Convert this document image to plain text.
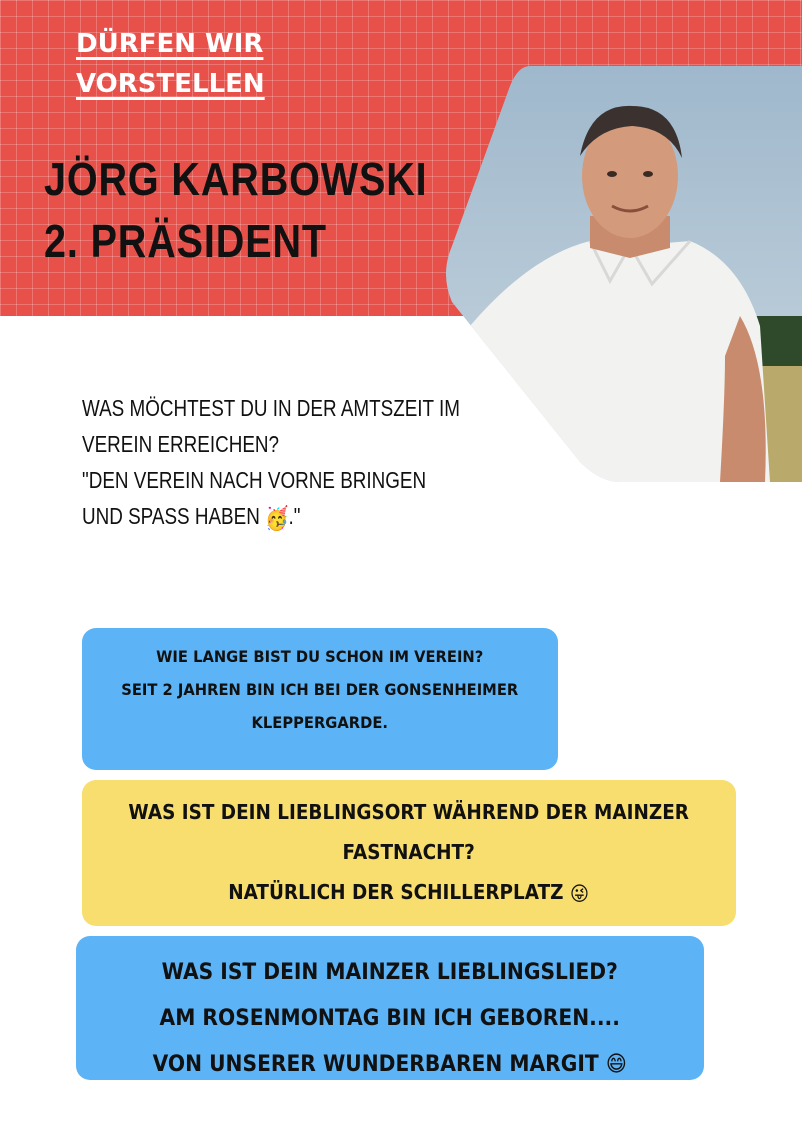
DÜRFEN WIR
VORSTELLEN
JÖRG KARBOWSKI
2. PRÄSIDENT
WAS MÖCHTEST DU IN DER AMTSZEIT IM
VEREIN ERREICHEN?
"DEN VEREIN NACH VORNE BRINGEN
UND SPASS HABEN 🥳."
WIE LANGE BIST DU SCHON IM VEREIN?
SEIT 2 JAHREN BIN ICH BEI DER GONSENHEIMER
KLEPPERGARDE.
WAS IST DEIN LIEBLINGSORT WÄHREND DER MAINZER
FASTNACHT?
NATÜRLICH DER SCHILLERPLATZ 😜
WAS IST DEIN MAINZER LIEBLINGSLIED?
AM ROSENMONTAG BIN ICH GEBOREN....
VON UNSERER WUNDERBAREN MARGIT 😄
